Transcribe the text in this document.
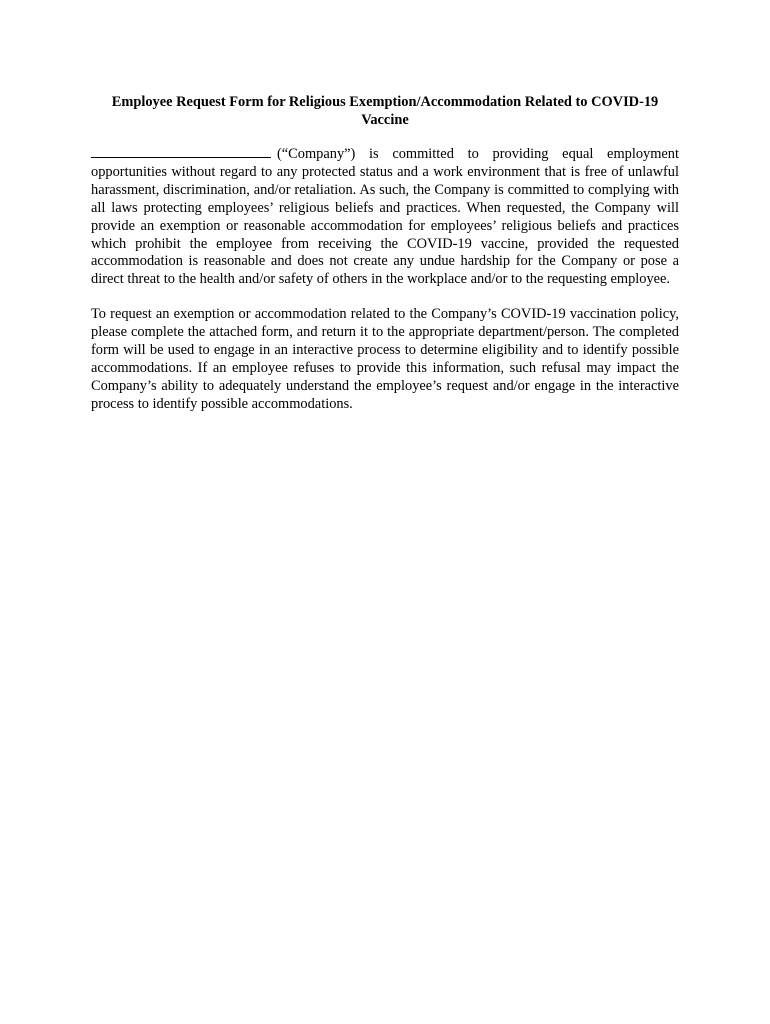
Employee Request Form for Religious Exemption/Accommodation Related to COVID-19 Vaccine

(“Company”) is committed to providing equal employment opportunities without regard to any protected status and a work environment that is free of unlawful harassment, discrimination, and/or retaliation. As such, the Company is committed to complying with all laws protecting employees’ religious beliefs and practices. When requested, the Company will provide an exemption or reasonable accommodation for employees’ religious beliefs and practices which prohibit the employee from receiving the COVID-19 vaccine, provided the requested accommodation is reasonable and does not create any undue hardship for the Company or pose a direct threat to the health and/or safety of others in the workplace and/or to the requesting employee.

To request an exemption or accommodation related to the Company’s COVID-19 vaccination policy, please complete the attached form, and return it to the appropriate department/person. The completed form will be used to engage in an interactive process to determine eligibility and to identify possible accommodations. If an employee refuses to provide this information, such refusal may impact the Company’s ability to adequately understand the employee’s request and/or engage in the interactive process to identify possible accommodations.
